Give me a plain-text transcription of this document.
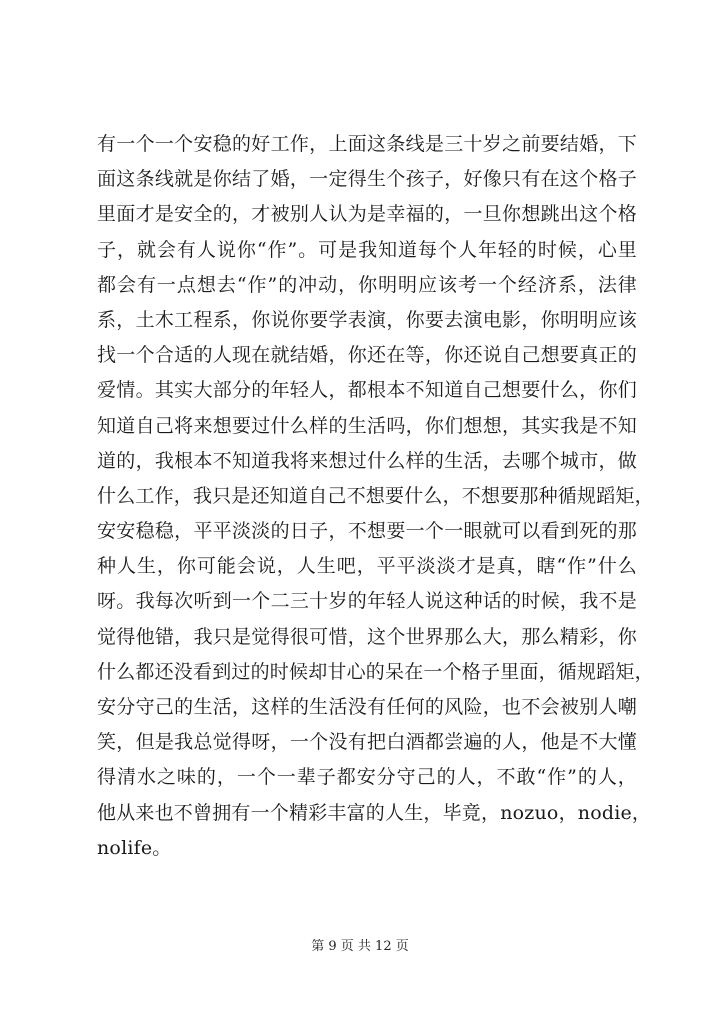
有一个一个安稳的好工作，上面这条线是三十岁之前要结婚，下
面这条线就是你结了婚，一定得生个孩子，好像只有在这个格子
里面才是安全的，才被别人认为是幸福的，一旦你想跳出这个格
子，就会有人说你“作”。可是我知道每个人年轻的时候，心里
都会有一点想去“作”的冲动，你明明应该考一个经济系，法律
系，土木工程系，你说你要学表演，你要去演电影，你明明应该
找一个合适的人现在就结婚，你还在等，你还说自己想要真正的
爱情。其实大部分的年轻人，都根本不知道自己想要什么，你们
知道自己将来想要过什么样的生活吗，你们想想，其实我是不知
道的，我根本不知道我将来想过什么样的生活，去哪个城市，做
什么工作，我只是还知道自己不想要什么，不想要那种循规蹈矩，
安安稳稳，平平淡淡的日子，不想要一个一眼就可以看到死的那
种人生，你可能会说，人生吧，平平淡淡才是真，瞎“作”什么
呀。我每次听到一个二三十岁的年轻人说这种话的时候，我不是
觉得他错，我只是觉得很可惜，这个世界那么大，那么精彩，你
什么都还没看到过的时候却甘心的呆在一个格子里面，循规蹈矩，
安分守己的生活，这样的生活没有任何的风险，也不会被别人嘲
笑，但是我总觉得呀，一个没有把白酒都尝遍的人，他是不大懂
得清水之味的，一个一辈子都安分守己的人，不敢“作”的人，
他从来也不曾拥有一个精彩丰富的人生，毕竟，nozuo，nodie，
nolife。
第 9 页 共 12 页
